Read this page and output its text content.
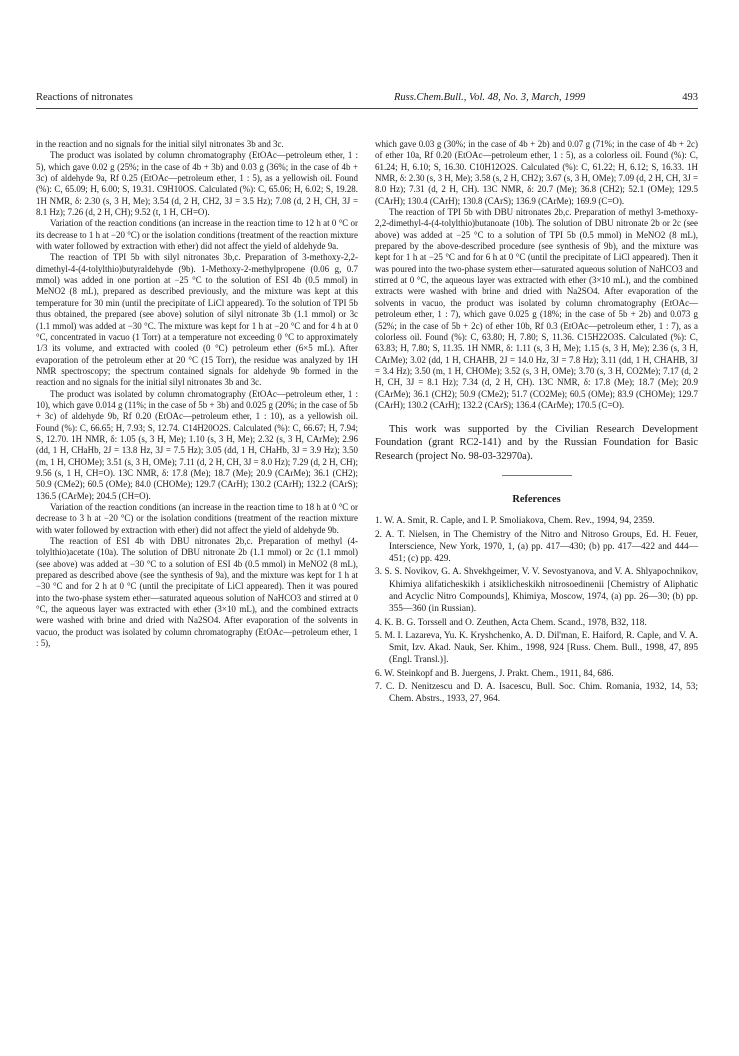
Reactions of nitronates	Russ.Chem.Bull., Vol. 48, No. 3, March, 1999	493

in the reaction and no signals for the initial silyl nitronates 3b and 3c.

The product was isolated by column chromatography (EtOAc—petroleum ether, 1 : 5), which gave 0.02 g (25%; in the case of 4b + 3b) and 0.03 g (36%; in the case of 4b + 3c) of aldehyde 9a, Rf 0.25 (EtOAc—petroleum ether, 1 : 5), as a yellowish oil. Found (%): C, 65.09; H, 6.00; S, 19.31. C9H10OS. Calculated (%): C, 65.06; H, 6.02; S, 19.28. 1H NMR, δ: 2.30 (s, 3 H, Me); 3.54 (d, 2 H, CH2, 3J = 3.5 Hz); 7.08 (d, 2 H, CH, 3J = 8.1 Hz); 7.26 (d, 2 H, CH); 9.52 (t, 1 H, CH=O).

Variation of the reaction conditions (an increase in the reaction time to 12 h at 0 °C or its decrease to 1 h at −20 °C) or the isolation conditions (treatment of the reaction mixture with water followed by extraction with ether) did not affect the yield of aldehyde 9a.

The reaction of TPI 5b with silyl nitronates 3b,c. Preparation of 3-methoxy-2,2-dimethyl-4-(4-tolylthio)butyraldehyde (9b). 1-Methoxy-2-methylpropene (0.06 g, 0.7 mmol) was added in one portion at −25 °C to the solution of ESI 4b (0.5 mmol) in MeNO2 (8 mL), prepared as described previously, and the mixture was kept at this temperature for 30 min (until the precipitate of LiCl appeared). To the solution of TPI 5b thus obtained, the prepared (see above) solution of silyl nitronate 3b (1.1 mmol) or 3c (1.1 mmol) was added at −30 °C. The mixture was kept for 1 h at −20 °C and for 4 h at 0 °C, concentrated in vacuo (1 Torr) at a temperature not exceeding 0 °C to approximately 1/3 its volume, and extracted with cooled (0 °C) petroleum ether (6×5 mL). After evaporation of the petroleum ether at 20 °C (15 Torr), the residue was analyzed by 1H NMR spectroscopy; the spectrum contained signals for aldehyde 9b formed in the reaction and no signals for the initial silyl nitronates 3b and 3c.

The product was isolated by column chromatography (EtOAc—petroleum ether, 1 : 10), which gave 0.014 g (11%; in the case of 5b + 3b) and 0.025 g (20%; in the case of 5b + 3c) of aldehyde 9b, Rf 0.20 (EtOAc—petroleum ether, 1 : 10), as a yellowish oil. Found (%): C, 66.65; H, 7.93; S, 12.74. C14H20O2S. Calculated (%): C, 66.67; H, 7.94; S, 12.70. 1H NMR, δ: 1.05 (s, 3 H, Me); 1.10 (s, 3 H, Me); 2.32 (s, 3 H, CArMe); 2.96 (dd, 1 H, CHaHb, 2J = 13.8 Hz, 3J = 7.5 Hz); 3.05 (dd, 1 H, CHaHb, 3J = 3.9 Hz); 3.50 (m, 1 H, CHOMe); 3.51 (s, 3 H, OMe); 7.11 (d, 2 H, CH, 3J = 8.0 Hz); 7.29 (d, 2 H, CH); 9.56 (s, 1 H, CH=O). 13C NMR, δ: 17.8 (Me); 18.7 (Me); 20.9 (CArMe); 36.1 (CH2); 50.9 (CMe2); 60.5 (OMe); 84.0 (CHOMe); 129.7 (CArH); 130.2 (CArH); 132.2 (CArS); 136.5 (CArMe); 204.5 (CH=O).

Variation of the reaction conditions (an increase in the reaction time to 18 h at 0 °C or decrease to 3 h at −20 °C) or the isolation conditions (treatment of the reaction mixture with water followed by extraction with ether) did not affect the yield of aldehyde 9b.

The reaction of ESI 4b with DBU nitronates 2b,c. Preparation of methyl (4-tolylthio)acetate (10a). The solution of DBU nitronate 2b (1.1 mmol) or 2c (1.1 mmol) (see above) was added at −30 °C to a solution of ESI 4b (0.5 mmol) in MeNO2 (8 mL), prepared as described above (see the synthesis of 9a), and the mixture was kept for 1 h at −30 °C and for 2 h at 0 °C (until the precipitate of LiCl appeared). Then it was poured into the two-phase system ether—saturated aqueous solution of NaHCO3 and stirred at 0 °C, the aqueous layer was extracted with ether (3×10 mL), and the combined extracts were washed with brine and dried with Na2SO4. After evaporation of the solvents in vacuo, the product was isolated by column chromatography (EtOAc—petroleum ether, 1 : 5),

which gave 0.03 g (30%; in the case of 4b + 2b) and 0.07 g (71%; in the case of 4b + 2c) of ether 10a, Rf 0.20 (EtOAc—petroleum ether, 1 : 5), as a colorless oil. Found (%): C, 61.24; H, 6.10; S, 16.30. C10H12O2S. Calculated (%): C, 61.22; H, 6.12; S, 16.33. 1H NMR, δ: 2.30 (s, 3 H, Me); 3.58 (s, 2 H, CH2); 3.67 (s, 3 H, OMe); 7.09 (d, 2 H, CH, 3J = 8.0 Hz); 7.31 (d, 2 H, CH). 13C NMR, δ: 20.7 (Me); 36.8 (CH2); 52.1 (OMe); 129.5 (CArH); 130.4 (CArH); 130.8 (CArS); 136.9 (CArMe); 169.9 (C=O).

The reaction of TPI 5b with DBU nitronates 2b,c. Preparation of methyl 3-methoxy-2,2-dimethyl-4-(4-tolylthio)butanoate (10b). The solution of DBU nitronate 2b or 2c (see above) was added at −25 °C to a solution of TPI 5b (0.5 mmol) in MeNO2 (8 mL), prepared by the above-described procedure (see synthesis of 9b), and the mixture was kept for 1 h at −25 °C and for 6 h at 0 °C (until the precipitate of LiCl appeared). Then it was poured into the two-phase system ether—saturated aqueous solution of NaHCO3 and stirred at 0 °C, the aqueous layer was extracted with ether (3×10 mL), and the combined extracts were washed with brine and dried with Na2SO4. After evaporation of the solvents in vacuo, the product was isolated by column chromatography (EtOAc—petroleum ether, 1 : 7), which gave 0.025 g (18%; in the case of 5b + 2b) and 0.073 g (52%; in the case of 5b + 2c) of ether 10b, Rf 0.3 (EtOAc—petroleum ether, 1 : 7), as a colorless oil. Found (%): C, 63.80; H, 7.80; S, 11.36. C15H22O3S. Calculated (%): C, 63.83; H, 7.80; S, 11.35. 1H NMR, δ: 1.11 (s, 3 H, Me); 1.15 (s, 3 H, Me); 2.36 (s, 3 H, CArMe); 3.02 (dd, 1 H, CHAHB, 2J = 14.0 Hz, 3J = 7.8 Hz); 3.11 (dd, 1 H, CHAHB, 3J = 3.4 Hz); 3.50 (m, 1 H, CHOMe); 3.52 (s, 3 H, OMe); 3.70 (s, 3 H, CO2Me); 7.17 (d, 2 H, CH, 3J = 8.1 Hz); 7.34 (d, 2 H, CH). 13C NMR, δ: 17.8 (Me); 18.7 (Me); 20.9 (CArMe); 36.1 (CH2); 50.9 (CMe2); 51.7 (CO2Me); 60.5 (OMe); 83.9 (CHOMe); 129.7 (CArH); 130.2 (CArH); 132.2 (CArS); 136.4 (CArMe); 170.5 (C=O).

This work was supported by the Civilian Research Development Foundation (grant RC2-141) and by the Russian Foundation for Basic Research (project No. 98-03-32970a).

References
1. W. A. Smit, R. Caple, and I. P. Smoliakova, Chem. Rev., 1994, 94, 2359.
2. A. T. Nielsen, in The Chemistry of the Nitro and Nitroso Groups, Ed. H. Feuer, Interscience, New York, 1970, 1, (a) pp. 417—430; (b) pp. 417—422 and 444—451; (c) pp. 429.
3. S. S. Novikov, G. A. Shvekhgeimer, V. V. Sevostyanova, and V. A. Shlyapochnikov, Khimiya alifaticheskikh i atsiklicheskikh nitrosoedinenii [Chemistry of Aliphatic and Acyclic Nitro Compounds], Khimiya, Moscow, 1974, (a) pp. 26—30; (b) pp. 355—360 (in Russian).
4. K. B. G. Torssell and O. Zeuthen, Acta Chem. Scand., 1978, B32, 118.
5. M. I. Lazareva, Yu. K. Kryshchenko, A. D. Dil'man, E. Haiford, R. Caple, and V. A. Smit, Izv. Akad. Nauk, Ser. Khim., 1998, 924 [Russ. Chem. Bull., 1998, 47, 895 (Engl. Transl.)].
6. W. Steinkopf and B. Juergens, J. Prakt. Chem., 1911, 84, 686.
7. C. D. Nenitzescu and D. A. Isacescu, Bull. Soc. Chim. Romania, 1932, 14, 53; Chem. Abstrs., 1933, 27, 964.
